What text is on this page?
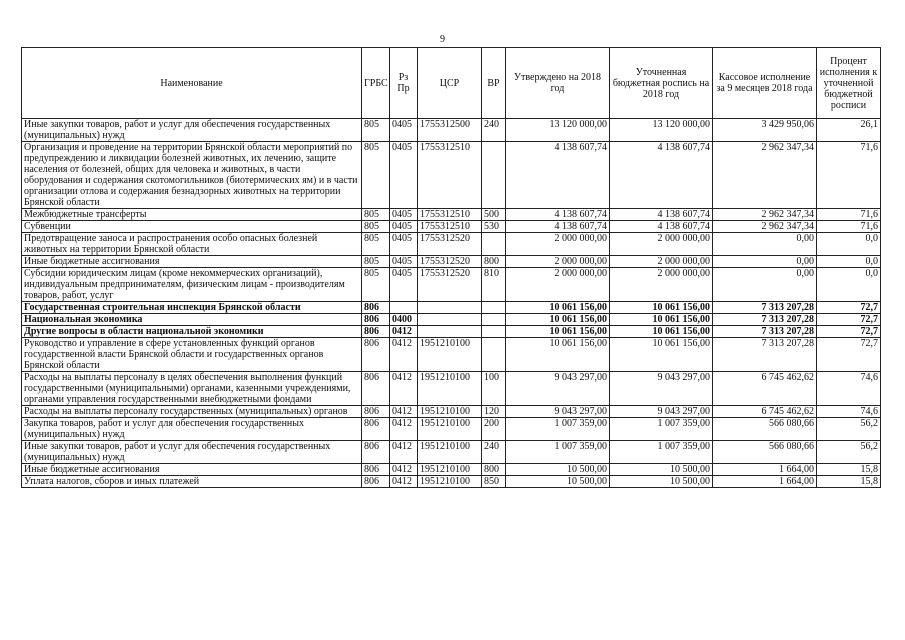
9
Наименование	ГРБС	Рз Пр	ЦСР	ВР	Утверждено на 2018 год	Уточненная бюджетная роспись на 2018 год	Кассовое исполнение за 9 месяцев 2018 года	Процент исполнения к уточненной бюджетной росписи
Иные закупки товаров, работ и услуг для обеспечения государственных (муниципальных) нужд	805	0405	1755312500	240	13 120 000,00	13 120 000,00	3 429 950,06	26,1
Организация и проведение на территории Брянской области мероприятий по предупреждению и ликвидации болезней животных, их лечению, защите населения от болезней, общих для человека и животных, в части оборудования и содержания скотомогильников (биотермических ям) и в части организации отлова и содержания безнадзорных животных на территории Брянской области	805	0405	1755312510		4 138 607,74	4 138 607,74	2 962 347,34	71,6
Межбюджетные трансферты	805	0405	1755312510	500	4 138 607,74	4 138 607,74	2 962 347,34	71,6
Субвенции	805	0405	1755312510	530	4 138 607,74	4 138 607,74	2 962 347,34	71,6
Предотвращение заноса и распространения особо опасных болезней животных на территории Брянской области	805	0405	1755312520		2 000 000,00	2 000 000,00	0,00	0,0
Иные бюджетные ассигнования	805	0405	1755312520	800	2 000 000,00	2 000 000,00	0,00	0,0
Субсидии юридическим лицам (кроме некоммерческих организаций), индивидуальным предпринимателям, физическим лицам - производителям товаров, работ, услуг	805	0405	1755312520	810	2 000 000,00	2 000 000,00	0,00	0,0
Государственная строительная инспекция Брянской области	806				10 061 156,00	10 061 156,00	7 313 207,28	72,7
Национальная экономика	806	0400			10 061 156,00	10 061 156,00	7 313 207,28	72,7
Другие вопросы в области национальной экономики	806	0412			10 061 156,00	10 061 156,00	7 313 207,28	72,7
Руководство и управление в сфере установленных функций органов государственной власти Брянской области и государственных органов Брянской области	806	0412	1951210100		10 061 156,00	10 061 156,00	7 313 207,28	72,7
Расходы на выплаты персоналу в целях обеспечения выполнения функций государственными (муниципальными) органами, казенными учреждениями, органами управления государственными внебюджетными фондами	806	0412	1951210100	100	9 043 297,00	9 043 297,00	6 745 462,62	74,6
Расходы на выплаты персоналу государственных (муниципальных) органов	806	0412	1951210100	120	9 043 297,00	9 043 297,00	6 745 462,62	74,6
Закупка товаров, работ и услуг для обеспечения государственных (муниципальных) нужд	806	0412	1951210100	200	1 007 359,00	1 007 359,00	566 080,66	56,2
Иные закупки товаров, работ и услуг для обеспечения государственных (муниципальных) нужд	806	0412	1951210100	240	1 007 359,00	1 007 359,00	566 080,66	56,2
Иные бюджетные ассигнования	806	0412	1951210100	800	10 500,00	10 500,00	1 664,00	15,8
Уплата налогов, сборов и иных платежей	806	0412	1951210100	850	10 500,00	10 500,00	1 664,00	15,8
